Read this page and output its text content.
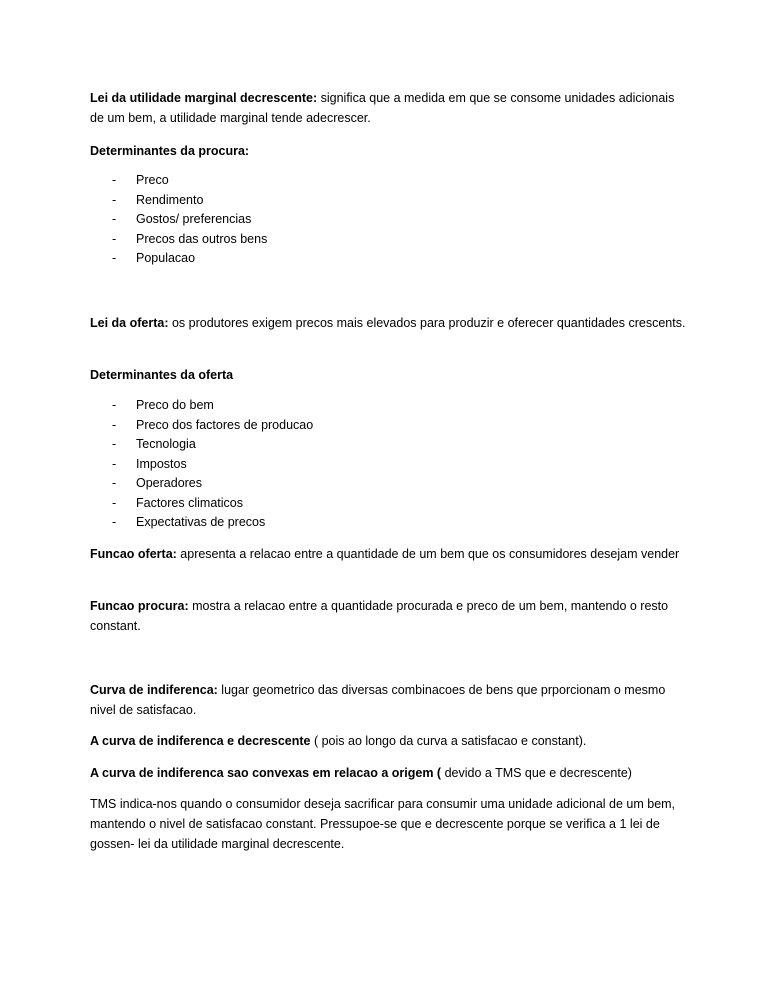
Lei da utilidade marginal decrescente: significa que a medida em que se consome unidades adicionais de um bem, a utilidade marginal tende adecrescer.

Determinantes da procura:

-	Preco
-	Rendimento
-	Gostos/ preferencias
-	Precos das outros bens
-	Populacao

Lei da oferta: os produtores exigem precos mais elevados para produzir e oferecer quantidades crescents.

Determinantes da oferta

-	Preco do bem
-	Preco dos factores de producao
-	Tecnologia
-	Impostos
-	Operadores
-	Factores climaticos
-	Expectativas de precos

Funcao oferta: apresenta a relacao entre a quantidade de um bem que os consumidores desejam vender

Funcao procura: mostra a relacao entre a quantidade procurada e preco de um bem, mantendo o resto constant.

Curva de indiferenca: lugar geometrico das diversas combinacoes de bens que prporcionam o mesmo nivel de satisfacao.

A curva de indiferenca e decrescente ( pois ao longo da curva a satisfacao e constant).

A curva de indiferenca sao convexas em relacao a origem ( devido a TMS que e decrescente)

TMS indica-nos quando o consumidor deseja sacrificar para consumir uma unidade adicional de um bem, mantendo o nivel de satisfacao constant. Pressupoe-se que e decrescente porque se verifica a 1 lei de gossen- lei da utilidade marginal decrescente.
